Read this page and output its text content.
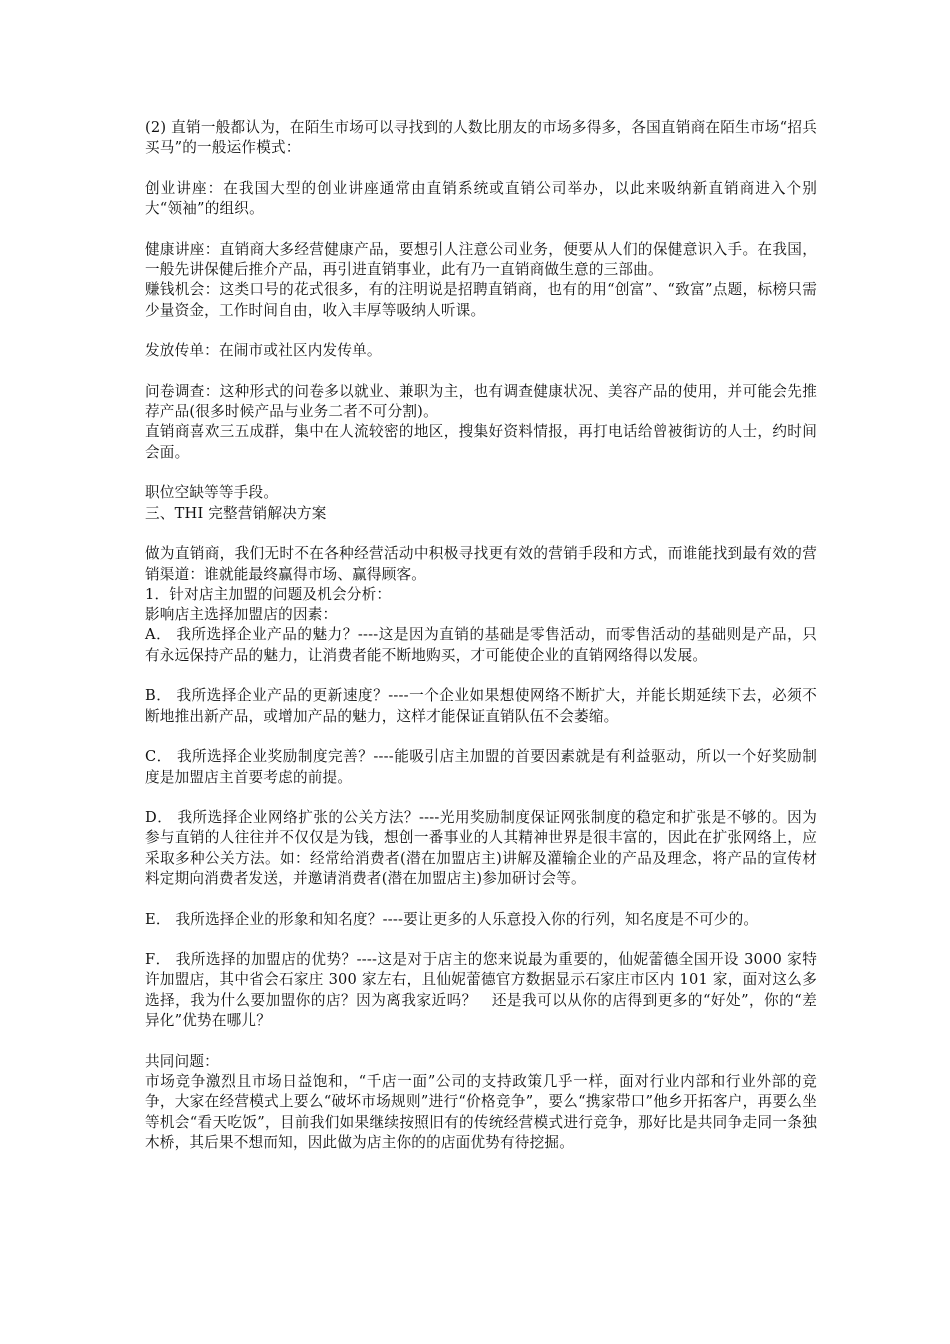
(2) 直销一般都认为，在陌生市场可以寻找到的人数比朋友的市场多得多，各国直销商在陌生市场“招兵买马”的一般运作模式：

创业讲座：在我国大型的创业讲座通常由直销系统或直销公司举办，以此来吸纳新直销商进入个别大“领袖”的组织。

健康讲座：直销商大多经营健康产品，要想引人注意公司业务，便要从人们的保健意识入手。在我国，一般先讲保健后推介产品，再引进直销事业，此有乃一直销商做生意的三部曲。

赚钱机会：这类口号的花式很多，有的注明说是招聘直销商，也有的用“创富”、“致富”点题，标榜只需少量资金，工作时间自由，收入丰厚等吸纳人听课。

发放传单：在闹市或社区内发传单。

问卷调查：这种形式的问卷多以就业、兼职为主，也有调查健康状况、美容产品的使用，并可能会先推荐产品(很多时候产品与业务二者不可分割)。

直销商喜欢三五成群，集中在人流较密的地区，搜集好资料情报，再打电话给曾被街访的人士，约时间会面。

职位空缺等等手段。

三、THI 完整营销解决方案

做为直销商，我们无时不在各种经营活动中积极寻找更有效的营销手段和方式，而谁能找到最有效的营销渠道：谁就能最终赢得市场、赢得顾客。

1．针对店主加盟的问题及机会分析：

影响店主选择加盟店的因素：

A． 我所选择企业产品的魅力？----这是因为直销的基础是零售活动，而零售活动的基础则是产品，只有永远保持产品的魅力，让消费者能不断地购买，才可能使企业的直销网络得以发展。

B． 我所选择企业产品的更新速度？----一个企业如果想使网络不断扩大，并能长期延续下去，必须不断地推出新产品，或增加产品的魅力，这样才能保证直销队伍不会萎缩。

C． 我所选择企业奖励制度完善？----能吸引店主加盟的首要因素就是有利益驱动，所以一个好奖励制度是加盟店主首要考虑的前提。

D． 我所选择企业网络扩张的公关方法？----光用奖励制度保证网张制度的稳定和扩张是不够的。因为参与直销的人往往并不仅仅是为钱，想创一番事业的人其精神世界是很丰富的，因此在扩张网络上，应采取多种公关方法。如：经常给消费者(潜在加盟店主)讲解及灌输企业的产品及理念，将产品的宣传材料定期向消费者发送，并邀请消费者(潜在加盟店主)参加研讨会等。

E． 我所选择企业的形象和知名度？----要让更多的人乐意投入你的行列，知名度是不可少的。

F． 我所选择的加盟店的优势？----这是对于店主的您来说最为重要的，仙妮蕾德全国开设 3000 家特许加盟店，其中省会石家庄 300 家左右，且仙妮蕾德官方数据显示石家庄市区内 101 家，面对这么多选择，我为什么要加盟你的店？因为离我家近吗？　还是我可以从你的店得到更多的“好处”，你的“差异化”优势在哪儿？

共同问题：

市场竞争激烈且市场日益饱和，“千店一面”公司的支持政策几乎一样，面对行业内部和行业外部的竞争，大家在经营模式上要么“破坏市场规则”进行“价格竞争”，要么“携家带口”他乡开拓客户，再要么坐等机会“看天吃饭”，目前我们如果继续按照旧有的传统经营模式进行竞争，那好比是共同争走同一条独木桥，其后果不想而知，因此做为店主你的的店面优势有待挖掘。
